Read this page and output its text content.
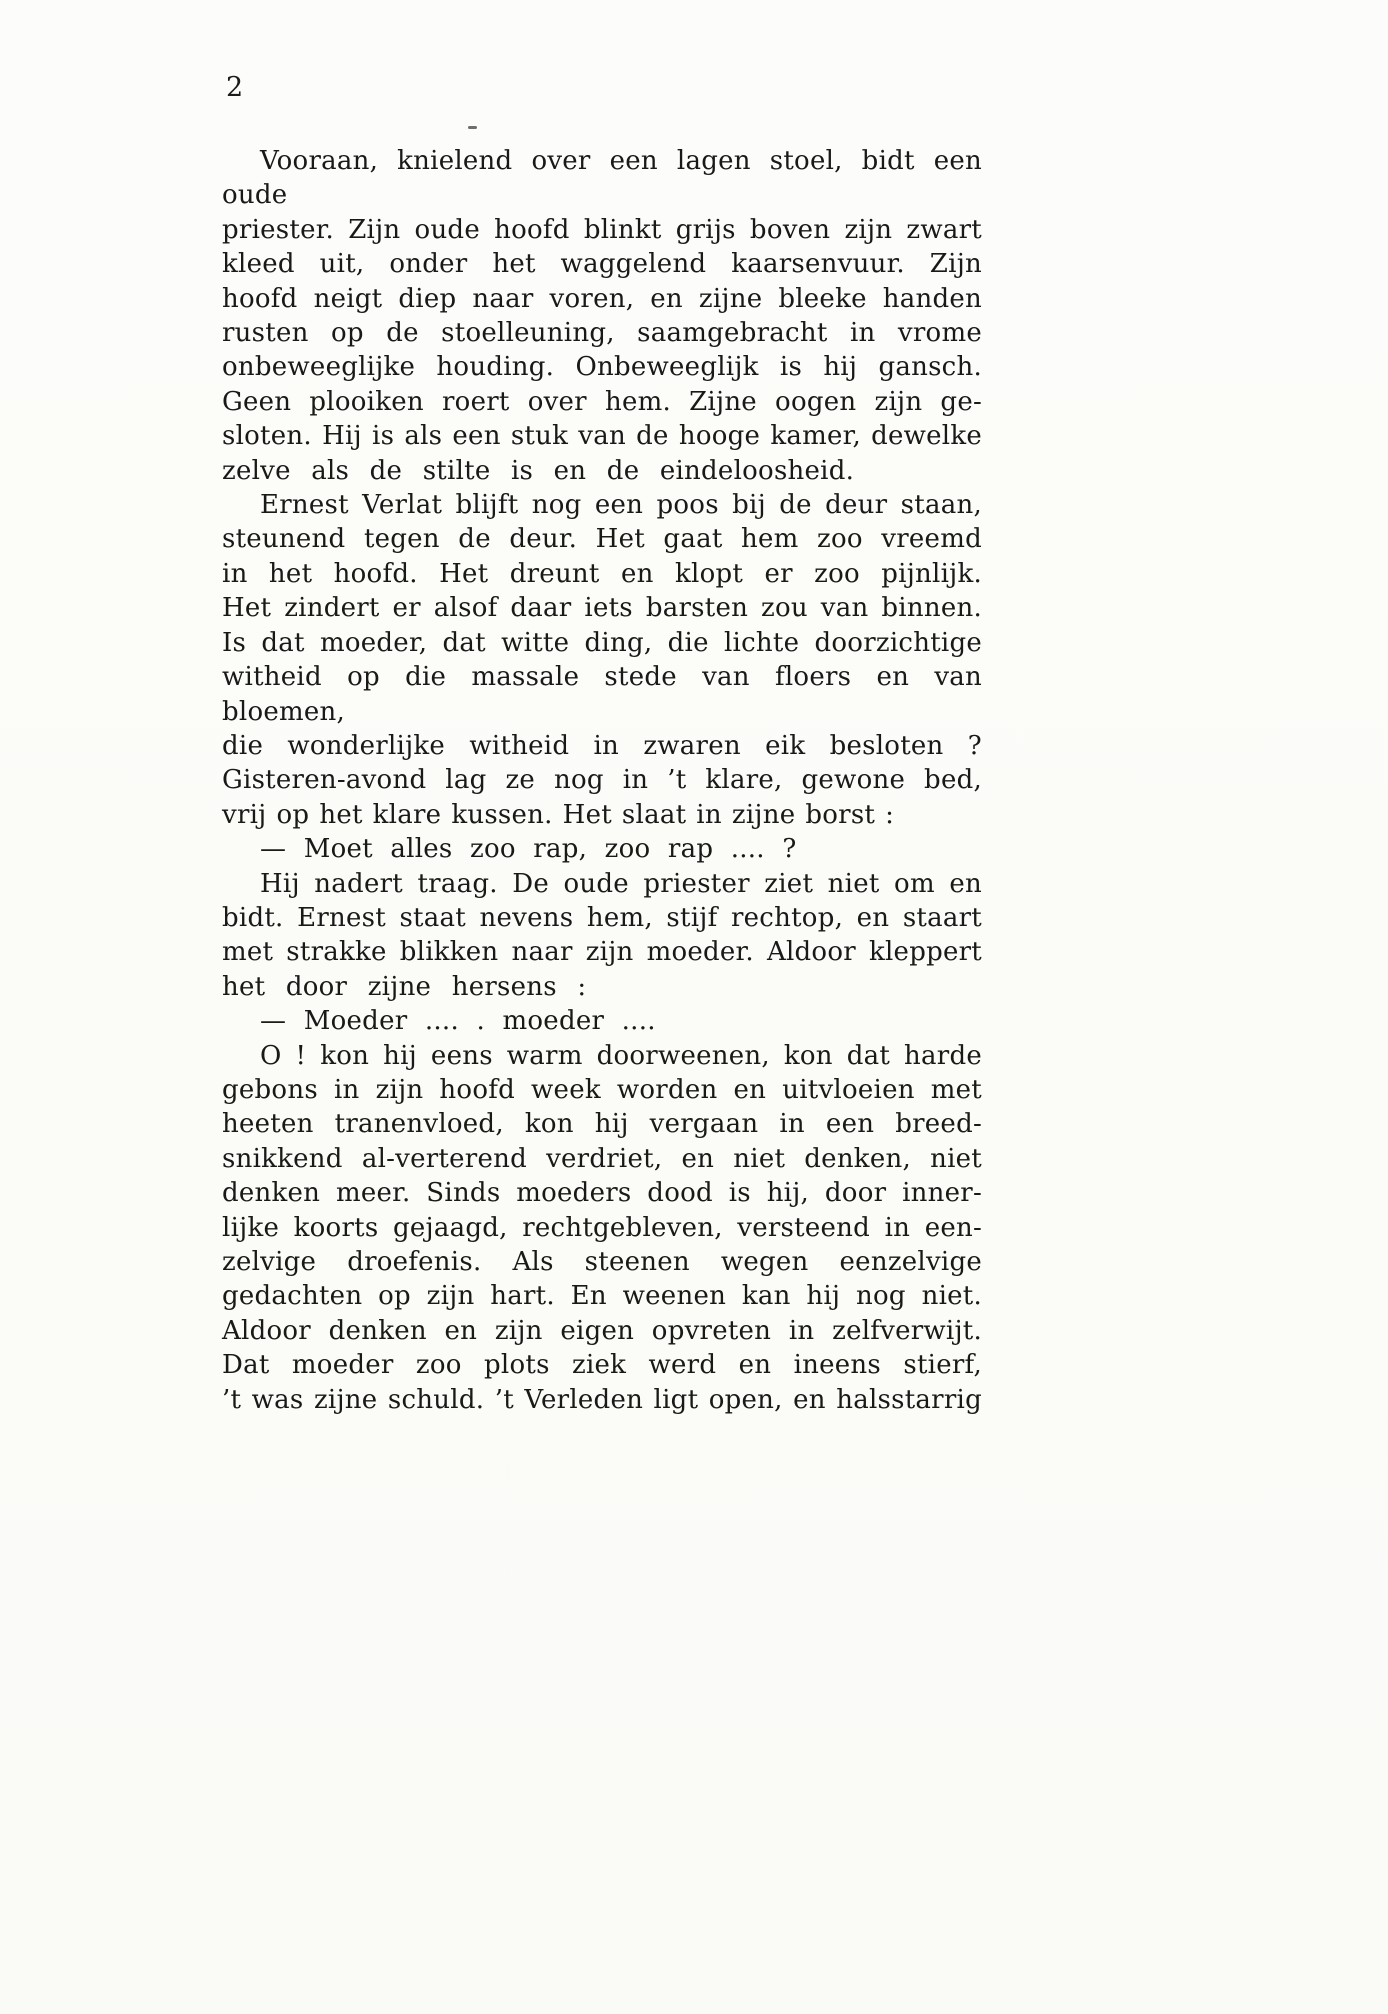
2
Vooraan, knielend over een lagen stoel, bidt een oude
priester. Zijn oude hoofd blinkt grijs boven zijn zwart
kleed uit, onder het waggelend kaarsenvuur. Zijn
hoofd neigt diep naar voren, en zijne bleeke handen
rusten op de stoelleuning, saamgebracht in vrome
onbeweeglijke houding. Onbeweeglijk is hij gansch.
Geen plooiken roert over hem. Zijne oogen zijn ge-
sloten. Hij is als een stuk van de hooge kamer, dewelke
zelve als de stilte is en de eindeloosheid.
Ernest Verlat blijft nog een poos bij de deur staan,
steunend tegen de deur. Het gaat hem zoo vreemd
in het hoofd. Het dreunt en klopt er zoo pijnlijk.
Het zindert er alsof daar iets barsten zou van binnen.
Is dat moeder, dat witte ding, die lichte doorzichtige
witheid op die massale stede van floers en van bloemen,
die wonderlijke witheid in zwaren eik besloten ?
Gisteren-avond lag ze nog in ’t klare, gewone bed,
vrij op het klare kussen. Het slaat in zijne borst :
— Moet alles zoo rap, zoo rap .... ?
Hij nadert traag. De oude priester ziet niet om en
bidt. Ernest staat nevens hem, stijf rechtop, en staart
met strakke blikken naar zijn moeder. Aldoor kleppert
het door zijne hersens :
— Moeder .... . moeder ....
O ! kon hij eens warm doorweenen, kon dat harde
gebons in zijn hoofd week worden en uitvloeien met
heeten tranenvloed, kon hij vergaan in een breed-
snikkend al-verterend verdriet, en niet denken, niet
denken meer. Sinds moeders dood is hij, door inner-
lijke koorts gejaagd, rechtgebleven, versteend in een-
zelvige droefenis. Als steenen wegen eenzelvige
gedachten op zijn hart. En weenen kan hij nog niet.
Aldoor denken en zijn eigen opvreten in zelfverwijt.
Dat moeder zoo plots ziek werd en ineens stierf,
’t was zijne schuld. ’t Verleden ligt open, en halsstarrig
